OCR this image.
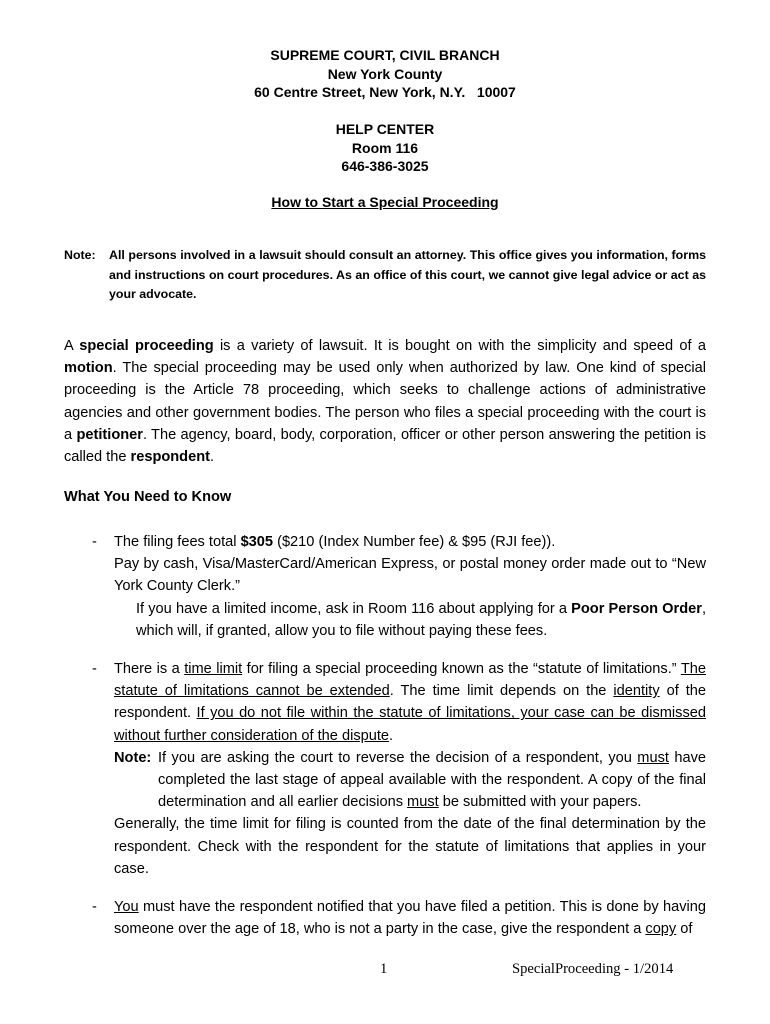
SUPREME COURT, CIVIL BRANCH
New York County
60 Centre Street, New York, N.Y.   10007
HELP CENTER
Room 116
646-386-3025
How to Start a Special Proceeding
Note: All persons involved in a lawsuit should consult an attorney. This office gives you information, forms and instructions on court procedures. As an office of this court, we cannot give legal advice or act as your advocate.
A special proceeding is a variety of lawsuit. It is bought on with the simplicity and speed of a motion. The special proceeding may be used only when authorized by law. One kind of special proceeding is the Article 78 proceeding, which seeks to challenge actions of administrative agencies and other government bodies. The person who files a special proceeding with the court is a petitioner. The agency, board, body, corporation, officer or other person answering the petition is called the respondent.
What You Need to Know
- The filing fees total $305 ($210 (Index Number fee) & $95 (RJI fee)).
Pay by cash, Visa/MasterCard/American Express, or postal money order made out to “New York County Clerk.”
If you have a limited income, ask in Room 116 about applying for a Poor Person Order, which will, if granted, allow you to file without paying these fees.
- There is a time limit for filing a special proceeding known as the “statute of limitations.” The statute of limitations cannot be extended. The time limit depends on the identity of the respondent. If you do not file within the statute of limitations, your case can be dismissed without further consideration of the dispute.
Note: If you are asking the court to reverse the decision of a respondent, you must have completed the last stage of appeal available with the respondent. A copy of the final determination and all earlier decisions must be submitted with your papers.
Generally, the time limit for filing is counted from the date of the final determination by the respondent. Check with the respondent for the statute of limitations that applies in your case.
- You must have the respondent notified that you have filed a petition. This is done by having someone over the age of 18, who is not a party in the case, give the respondent a copy of
1	SpecialProceeding - 1/2014
